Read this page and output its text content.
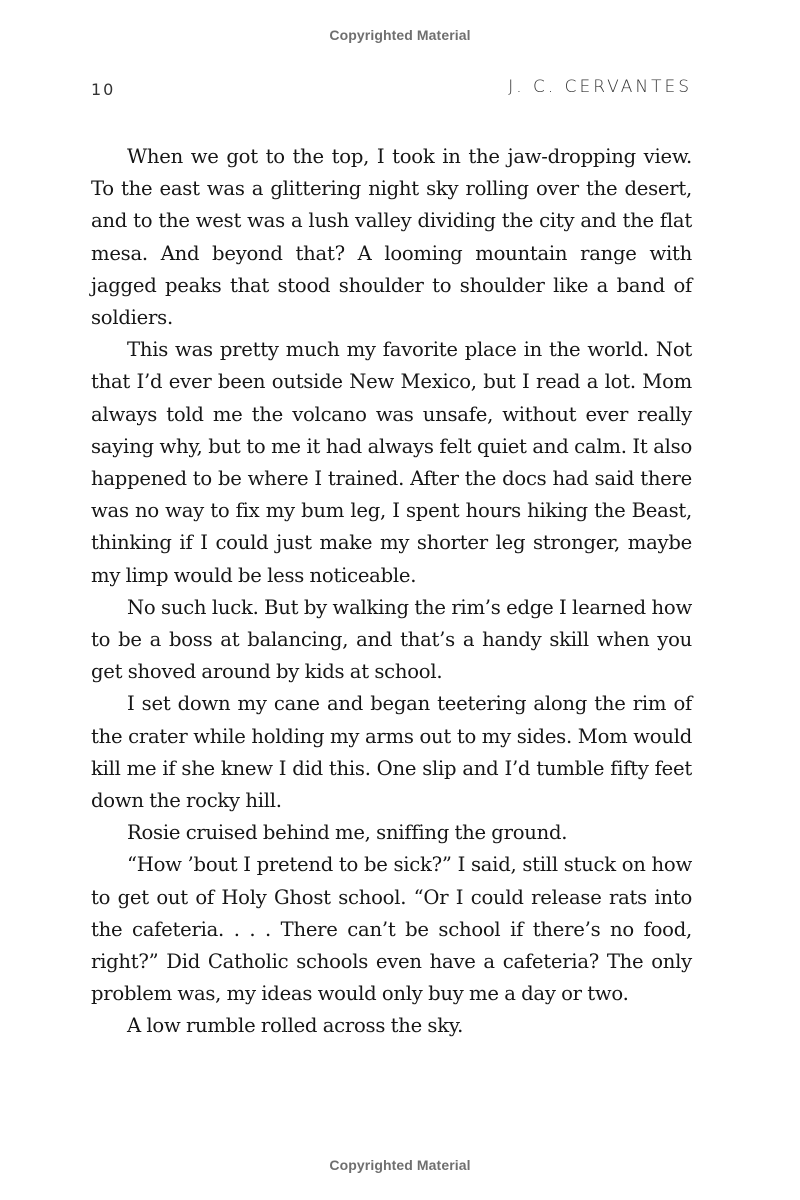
Copyrighted Material
10	J. C. CERVANTES

When we got to the top, I took in the jaw-dropping view. To the east was a glittering night sky rolling over the desert, and to the west was a lush valley dividing the city and the flat mesa. And beyond that? A looming mountain range with jagged peaks that stood shoulder to shoulder like a band of soldiers.

This was pretty much my favorite place in the world. Not that I’d ever been outside New Mexico, but I read a lot. Mom always told me the volcano was unsafe, without ever really saying why, but to me it had always felt quiet and calm. It also happened to be where I trained. After the docs had said there was no way to fix my bum leg, I spent hours hiking the Beast, thinking if I could just make my shorter leg stronger, maybe my limp would be less noticeable.

No such luck. But by walking the rim’s edge I learned how to be a boss at balancing, and that’s a handy skill when you get shoved around by kids at school.

I set down my cane and began teetering along the rim of the crater while holding my arms out to my sides. Mom would kill me if she knew I did this. One slip and I’d tumble fifty feet down the rocky hill.

Rosie cruised behind me, sniffing the ground.

“How ’bout I pretend to be sick?” I said, still stuck on how to get out of Holy Ghost school. “Or I could release rats into the cafeteria. . . . There can’t be school if there’s no food, right?” Did Catholic schools even have a cafeteria? The only problem was, my ideas would only buy me a day or two.

A low rumble rolled across the sky.

Copyrighted Material
